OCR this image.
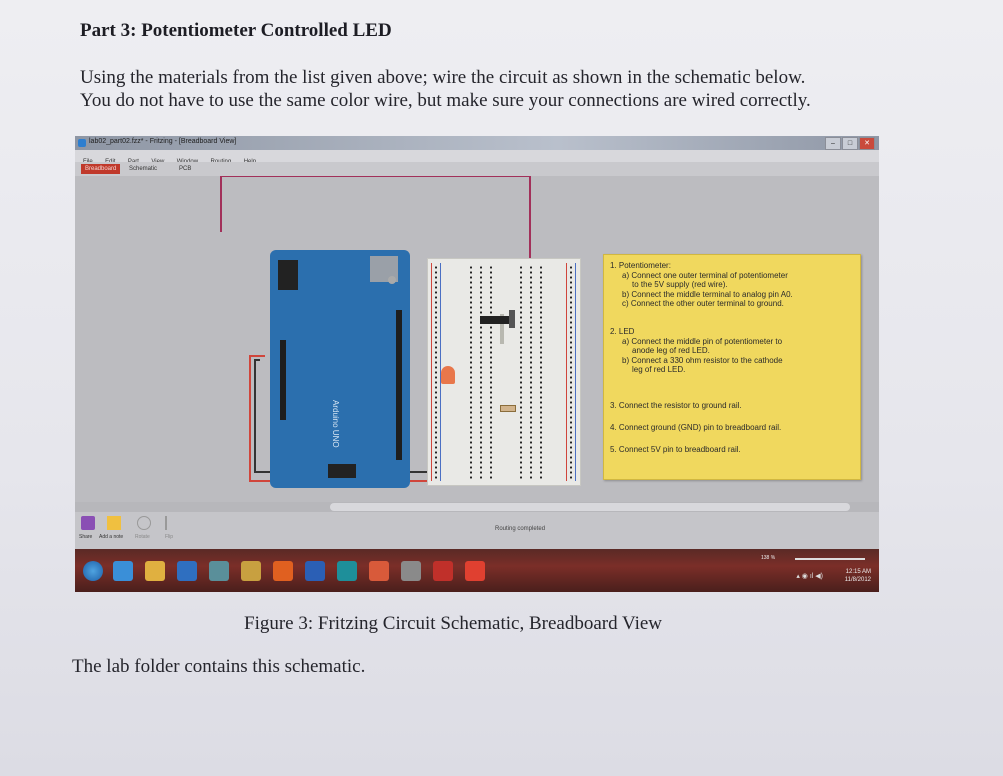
Part 3: Potentiometer Controlled LED
Using the materials from the list given above; wire the circuit as shown in the schematic below.
You do not have to use the same color wire, but make sure your connections are wired correctly.
lab02_part02.fzz* - Fritzing - [Breadboard View]	–	□	✕

Breadboard	Schematic	PCB
Arduino UNO
1. Potentiometer:
a) Connect one outer terminal of potentiometer
to the 5V supply (red wire).
b) Connect the middle terminal to analog pin A0.
c) Connect the other outer terminal to ground.
2. LED
a) Connect the middle pin of potentiometer to
anode leg of red LED.
b) Connect a 330 ohm resistor to the cathode
leg of red LED.
3. Connect the resistor to ground rail.
4. Connect ground (GND) pin to breadboard rail.
5. Connect 5V pin to breadboard rail.
Share Add a note Rotate	Flip
Routing completed
138 %
▴ ◉ ıl ◀)
12:15 AM
11/8/2012
Figure 3: Fritzing Circuit Schematic, Breadboard View
The lab folder contains this schematic.
